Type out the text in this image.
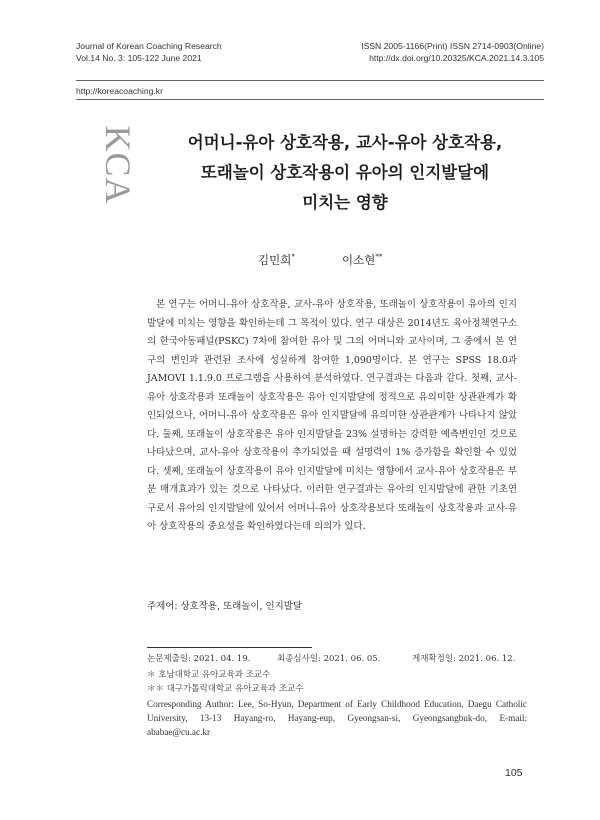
Journal of Korean Coaching Research
Vol.14 No. 3: 105-122 June 2021
ISSN 2005-1166(Print) ISSN 2714-0903(Online)
http://dx.doi.org/10.20325/KCA.2021.14.3.105
http://koreacoaching.kr
KCA	어머니-유아 상호작용, 교사-유아 상호작용,
또래놀이 상호작용이 유아의 인지발달에
미치는 영향
김민희*	이소현**

본 연구는 어머니-유아 상호작용, 교사-유아 상호작용, 또래놀이 상호작용이 유아의 인지발달에 미치는 영향을 확인하는데 그 목적이 있다. 연구 대상은 2014년도 육아정책연구소의 한국아동패널(PSKC) 7차에 참여한 유아 및 그의 어머니와 교사이며, 그 중에서 본 연구의 변인과 관련된 조사에 성실하게 참여한 1,090명이다. 본 연구는 SPSS 18.0과 JAMOVI 1.1.9.0 프로그램을 사용하여 분석하였다. 연구결과는 다음과 같다. 첫째, 교사-유아 상호작용과 또래놀이 상호작용은 유아 인지발달에 정적으로 유의미한 상관관계가 확인되었으나, 어머니-유아 상호작용은 유아 인지발달에 유의미한 상관관계가 나타나지 않았다. 둘째, 또래놀이 상호작용은 유아 인지발달을 23% 설명하는 강력한 예측변인인 것으로 나타났으며, 교사-유아 상호작용이 추가되었을 때 설명력이 1% 증가함을 확인할 수 있었다. 셋째, 또래놀이 상호작용이 유아 인지발달에 미치는 영향에서 교사-유아 상호작용은 부분 매개효과가 있는 것으로 나타났다. 이러한 연구결과는 유아의 인지발달에 관한 기초연구로서 유아의 인지발달에 있어서 어머니-유아 상호작용보다 또래놀이 상호작용과 교사-유아 상호작용의 중요성을 확인하였다는데 의의가 있다.

주제어: 상호작용, 또래놀이, 인지발달
논문제출일: 2021. 04. 19.	최종심사일: 2021. 06. 05.	게재확정일: 2021. 06. 12.
＊ 호남대학교 유아교육과 조교수
＊＊ 대구가톨릭대학교 유아교육과 조교수
Corresponding Author: Lee, So-Hyun, Department of Early Childhood Education, Daegu Catholic University, 13-13 Hayang-ro, Hayang-eup, Gyeongsan-si, Gyeongsangbuk-do, E-mail: ababae@cu.ac.kr
105
